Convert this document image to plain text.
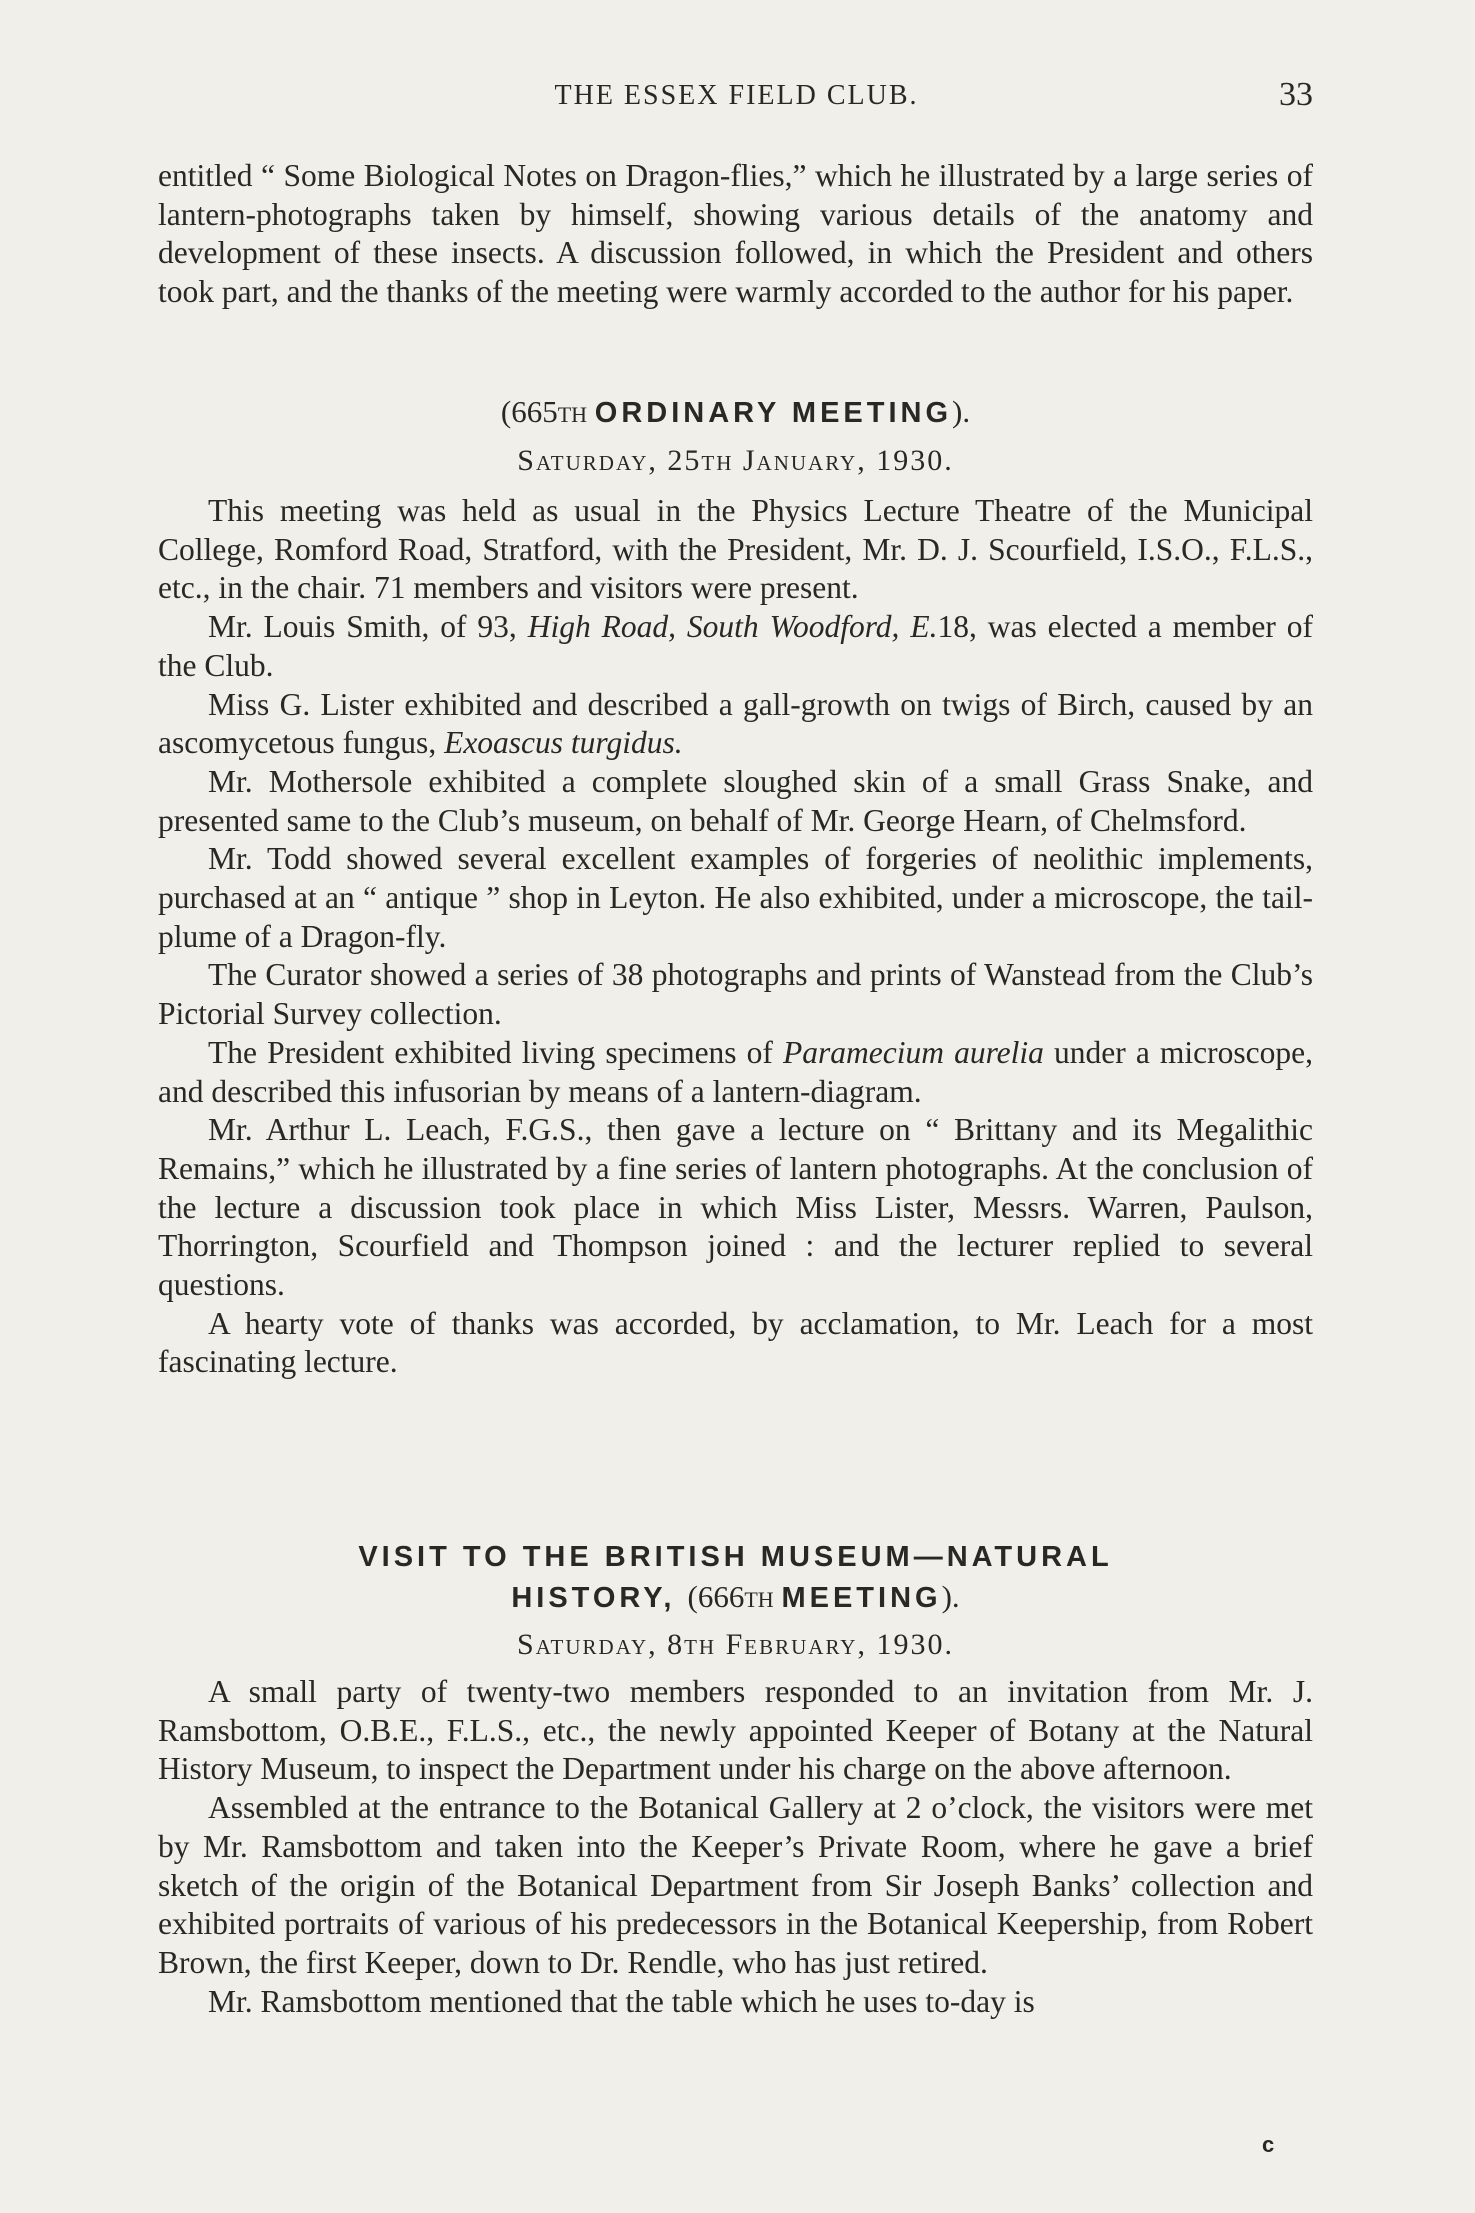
THE ESSEX FIELD CLUB.	33

entitled “ Some Biological Notes on Dragon-flies,” which he illustrated by a large series of lantern-photographs taken by himself, showing various details of the anatomy and development of these insects. A discussion followed, in which the President and others took part, and the thanks of the meeting were warmly accorded to the author for his paper.

(665th ORDINARY MEETING).
Saturday, 25th January, 1930.

This meeting was held as usual in the Physics Lecture Theatre of the Municipal College, Romford Road, Stratford, with the President, Mr. D. J. Scourfield, I.S.O., F.L.S., etc., in the chair. 71 members and visitors were present.

Mr. Louis Smith, of 93, High Road, South Woodford, E.18, was elected a member of the Club.

Miss G. Lister exhibited and described a gall-growth on twigs of Birch, caused by an ascomycetous fungus, Exoascus turgidus.

Mr. Mothersole exhibited a complete sloughed skin of a small Grass Snake, and presented same to the Club’s museum, on behalf of Mr. George Hearn, of Chelmsford.

Mr. Todd showed several excellent examples of forgeries of neolithic implements, purchased at an “ antique ” shop in Leyton. He also exhibited, under a microscope, the tail-plume of a Dragon-fly.

The Curator showed a series of 38 photographs and prints of Wanstead from the Club’s Pictorial Survey collection.

The President exhibited living specimens of Paramecium aurelia under a microscope, and described this infusorian by means of a lantern-diagram.

Mr. Arthur L. Leach, F.G.S., then gave a lecture on “ Brittany and its Megalithic Remains,” which he illustrated by a fine series of lantern photographs. At the conclusion of the lecture a discussion took place in which Miss Lister, Messrs. Warren, Paulson, Thorrington, Scourfield and Thompson joined : and the lecturer replied to several questions.

A hearty vote of thanks was accorded, by acclamation, to Mr. Leach for a most fascinating lecture.

VISIT TO THE BRITISH MUSEUM—NATURAL
HISTORY, (666th MEETING).
Saturday, 8th February, 1930.

A small party of twenty-two members responded to an invitation from Mr. J. Ramsbottom, O.B.E., F.L.S., etc., the newly appointed Keeper of Botany at the Natural History Museum, to inspect the Department under his charge on the above afternoon.

Assembled at the entrance to the Botanical Gallery at 2 o’clock, the visitors were met by Mr. Ramsbottom and taken into the Keeper’s Private Room, where he gave a brief sketch of the origin of the Botanical Department from Sir Joseph Banks’ collection and exhibited portraits of various of his predecessors in the Botanical Keepership, from Robert Brown, the first Keeper, down to Dr. Rendle, who has just retired.

Mr. Ramsbottom mentioned that the table which he uses to-day is

c
